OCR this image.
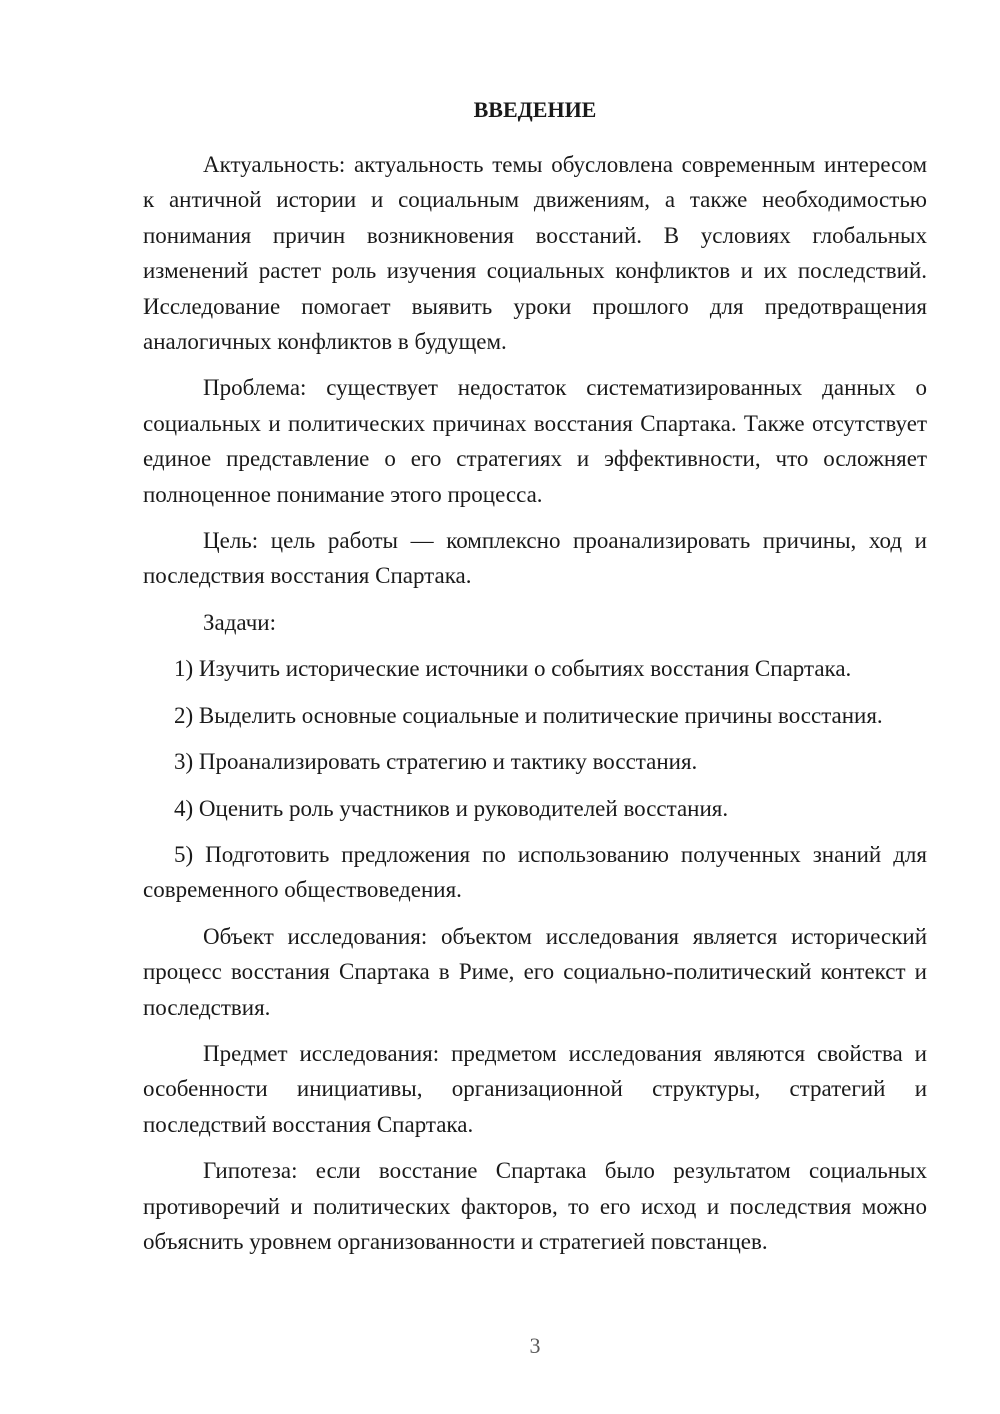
ВВЕДЕНИЕ

Актуальность: актуальность темы обусловлена современным интересом к античной истории и социальным движениям, а также необходимостью понимания причин возникновения восстаний. В условиях глобальных изменений растет роль изучения социальных конфликтов и их последствий. Исследование помогает выявить уроки прошлого для предотвращения аналогичных конфликтов в будущем.

Проблема: существует недостаток систематизированных данных о социальных и политических причинах восстания Спартака. Также отсутствует единое представление о его стратегиях и эффективности, что осложняет полноценное понимание этого процесса.

Цель: цель работы — комплексно проанализировать причины, ход и последствия восстания Спартака.

Задачи:

1) Изучить исторические источники о событиях восстания Спартака.

2) Выделить основные социальные и политические причины восстания.

3) Проанализировать стратегию и тактику восстания.

4) Оценить роль участников и руководителей восстания.

5) Подготовить предложения по использованию полученных знаний для современного обществоведения.

Объект исследования: объектом исследования является исторический процесс восстания Спартака в Риме, его социально-политический контекст и последствия.

Предмет исследования: предметом исследования являются свойства и особенности инициативы, организационной структуры, стратегий и последствий восстания Спартака.

Гипотеза: если восстание Спартака было результатом социальных противоречий и политических факторов, то его исход и последствия можно объяснить уровнем организованности и стратегией повстанцев.

3
